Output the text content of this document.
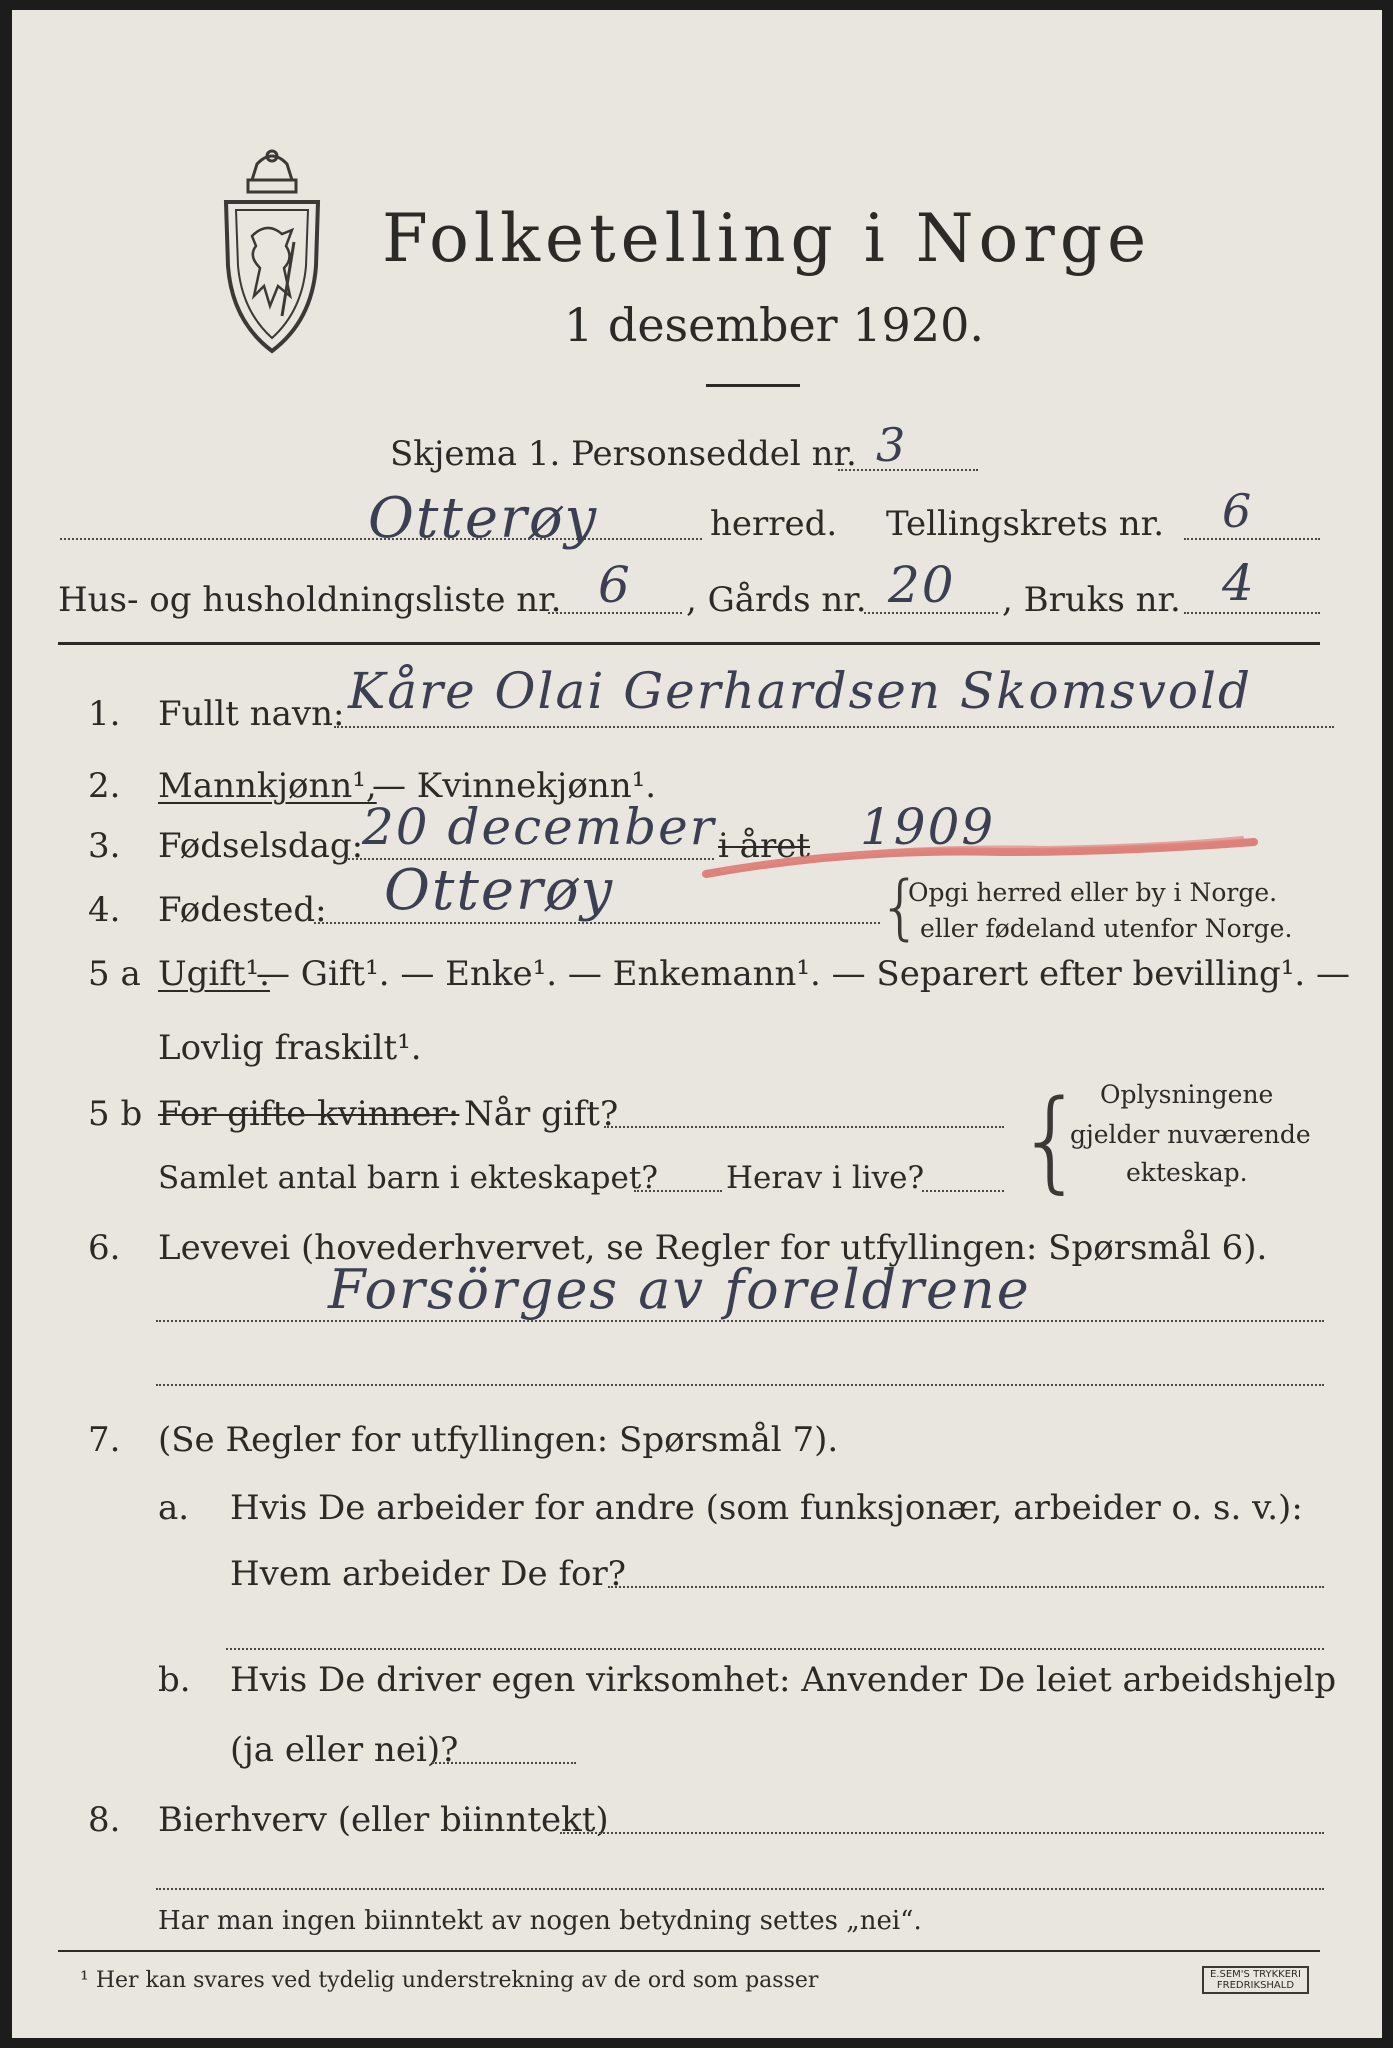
Folketelling i Norge
1 desember 1920.
Skjema 1. Personseddel nr. 3
Otterøy	herred. Tellingskrets nr. 6
Hus- og husholdningsliste nr. 6 , Gårds nr. 20 , Bruks nr. 4
1. Fullt navn: Kåre Olai Gerhardsen Skomsvold
2. Mannkjønn¹,
— Kvinnekjønn¹.
3. Fødselsdag:
20 december i året 1909
4. Fødested: Otterøy	{
Opgi herred eller by i Norge.
eller fødeland utenfor Norge.
5 a Ugift¹.
— Gift¹. — Enke¹. — Enkemann¹. — Separert efter bevilling¹. —
Lovlig fraskilt¹.
5 b For gifte kvinner: Når gift?
Samlet antal barn i ekteskapet? Herav i live? { Oplysningene
gjelder nuværende
ekteskap.
6. Levevei (hovederhvervet, se Regler for utfyllingen: Spørsmål 6).
Forsörges av foreldrene
7. (Se Regler for utfyllingen: Spørsmål 7).
a. Hvis De arbeider for andre (som funksjonær, arbeider o. s. v.):
Hvem arbeider De for?
b. Hvis De driver egen virksomhet: Anvender De leiet arbeidshjelp
(ja eller nei)?
8. Bierhverv (eller biinntekt)
Har man ingen biinntekt av nogen betydning settes „nei“.
¹ Her kan svares ved tydelig understrekning av de ord som passer	E.SEM'S TRYKKERI
FREDRIKSHALD
